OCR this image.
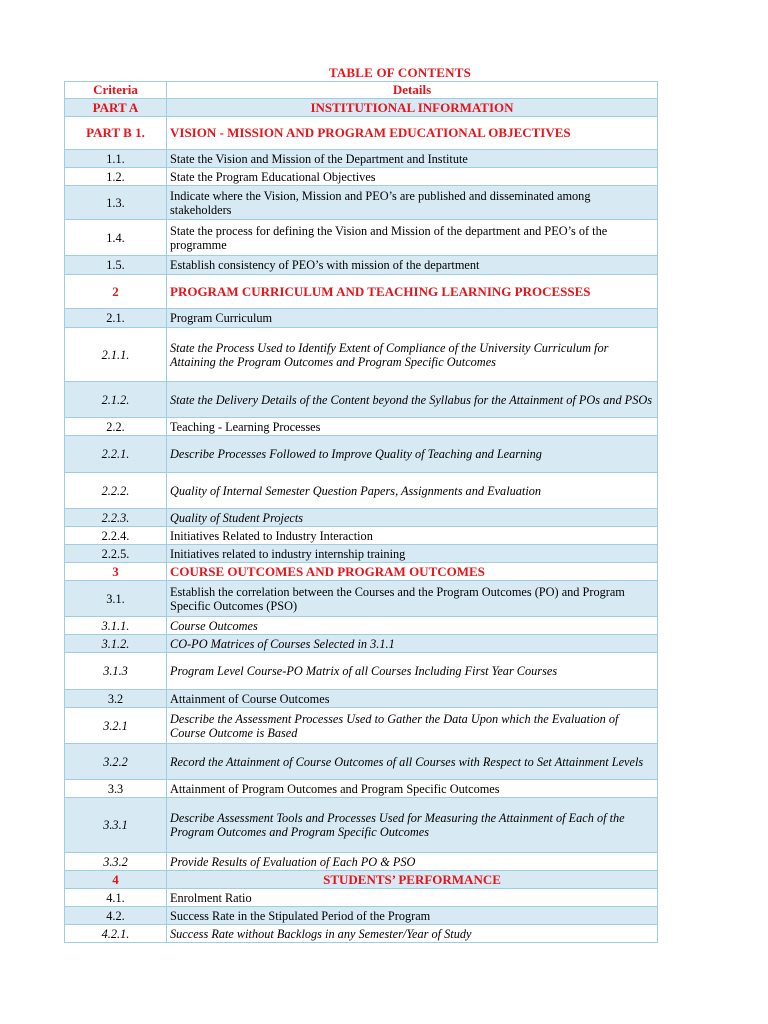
TABLE OF CONTENTS
Criteria	Details
PART A	INSTITUTIONAL INFORMATION
PART B 1.	VISION - MISSION AND PROGRAM EDUCATIONAL OBJECTIVES
1.1.	State the Vision and Mission of the Department and Institute
1.2.	State the Program Educational Objectives
1.3.	Indicate where the Vision, Mission and PEO’s are published and disseminated among stakeholders
1.4.	State the process for defining the Vision and Mission of the department and PEO’s of the programme
1.5.	Establish consistency of PEO’s with mission of the department
2	PROGRAM CURRICULUM AND TEACHING LEARNING PROCESSES
2.1.	Program Curriculum
2.1.1.	State the Process Used to Identify Extent of Compliance of the University Curriculum for Attaining the Program Outcomes and Program Specific Outcomes
2.1.2.	State the Delivery Details of the Content beyond the Syllabus for the Attainment of POs and PSOs
2.2.	Teaching - Learning Processes
2.2.1.	Describe Processes Followed to Improve Quality of Teaching and Learning
2.2.2.	Quality of Internal Semester Question Papers, Assignments and Evaluation
2.2.3.	Quality of Student Projects
2.2.4.	Initiatives Related to Industry Interaction
2.2.5.	Initiatives related to industry internship training
3	COURSE OUTCOMES AND PROGRAM OUTCOMES
3.1.	Establish the correlation between the Courses and the Program Outcomes (PO) and Program Specific Outcomes (PSO)
3.1.1.	Course Outcomes
3.1.2.	CO-PO Matrices of Courses Selected in 3.1.1
3.1.3	Program Level Course-PO Matrix of all Courses Including First Year Courses
3.2	Attainment of Course Outcomes
3.2.1	Describe the Assessment Processes Used to Gather the Data Upon which the Evaluation of Course Outcome is Based
3.2.2	Record the Attainment of Course Outcomes of all Courses with Respect to Set Attainment Levels
3.3	Attainment of Program Outcomes and Program Specific Outcomes
3.3.1	Describe Assessment Tools and Processes Used for Measuring the Attainment of Each of the Program Outcomes and Program Specific Outcomes
3.3.2	Provide Results of Evaluation of Each PO & PSO
4	STUDENTS’ PERFORMANCE
4.1.	Enrolment Ratio
4.2.	Success Rate in the Stipulated Period of the Program
4.2.1.	Success Rate without Backlogs in any Semester/Year of Study
